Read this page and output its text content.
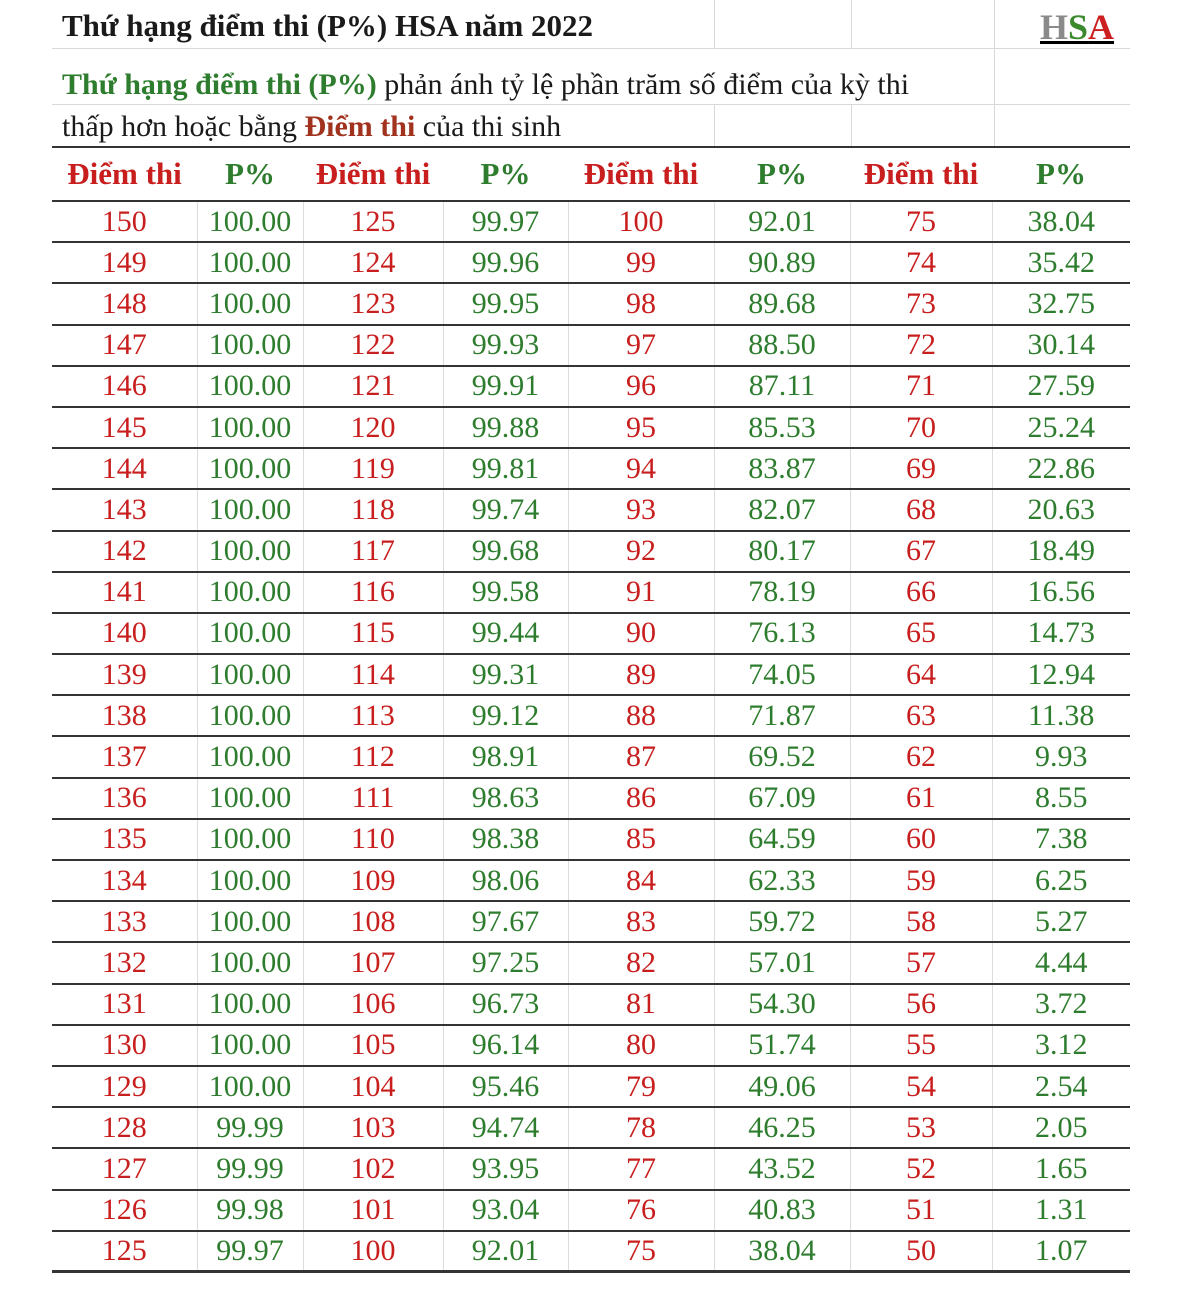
Thứ hạng điểm thi (P%) HSA năm 2022	HSA
Thứ hạng điểm thi (P%) phản ánh tỷ lệ phần trăm số điểm của kỳ thi
thấp hơn hoặc bằng Điểm thi của thi sinh
Điểm thi	P%	Điểm thi	P%	Điểm thi	P%	Điểm thi	P%
150	100.00	125	99.97	100	92.01	75	38.04
149	100.00	124	99.96	99	90.89	74	35.42
148	100.00	123	99.95	98	89.68	73	32.75
147	100.00	122	99.93	97	88.50	72	30.14
146	100.00	121	99.91	96	87.11	71	27.59
145	100.00	120	99.88	95	85.53	70	25.24
144	100.00	119	99.81	94	83.87	69	22.86
143	100.00	118	99.74	93	82.07	68	20.63
142	100.00	117	99.68	92	80.17	67	18.49
141	100.00	116	99.58	91	78.19	66	16.56
140	100.00	115	99.44	90	76.13	65	14.73
139	100.00	114	99.31	89	74.05	64	12.94
138	100.00	113	99.12	88	71.87	63	11.38
137	100.00	112	98.91	87	69.52	62	9.93
136	100.00	111	98.63	86	67.09	61	8.55
135	100.00	110	98.38	85	64.59	60	7.38
134	100.00	109	98.06	84	62.33	59	6.25
133	100.00	108	97.67	83	59.72	58	5.27
132	100.00	107	97.25	82	57.01	57	4.44
131	100.00	106	96.73	81	54.30	56	3.72
130	100.00	105	96.14	80	51.74	55	3.12
129	100.00	104	95.46	79	49.06	54	2.54
128	99.99	103	94.74	78	46.25	53	2.05
127	99.99	102	93.95	77	43.52	52	1.65
126	99.98	101	93.04	76	40.83	51	1.31
125	99.97	100	92.01	75	38.04	50	1.07
